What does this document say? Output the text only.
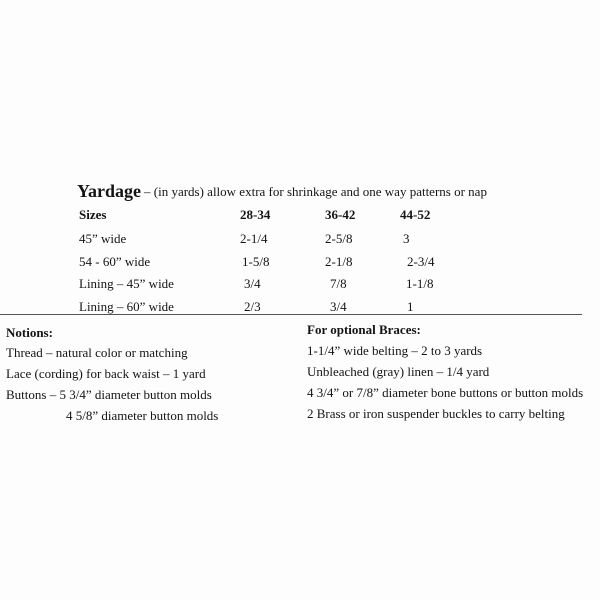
Yardage – (in yards) allow extra for shrinkage and one way patterns or nap
Sizes	28-34	36-42	44-52
45” wide	2-1/4	2-5/8	3
54 - 60” wide	1-5/8	2-1/8	2-3/4
Lining – 45” wide	3/4	7/8	1-1/8
Lining – 60” wide	2/3	3/4	1
Notions:
Thread – natural color or matching
Lace (cording) for back waist – 1 yard
Buttons – 5 3/4” diameter button molds
4 5/8” diameter button molds
For optional Braces:
1-1/4” wide belting – 2 to 3 yards
Unbleached (gray) linen – 1/4 yard
4 3/4” or 7/8” diameter bone buttons or button molds
2 Brass or iron suspender buckles to carry belting
